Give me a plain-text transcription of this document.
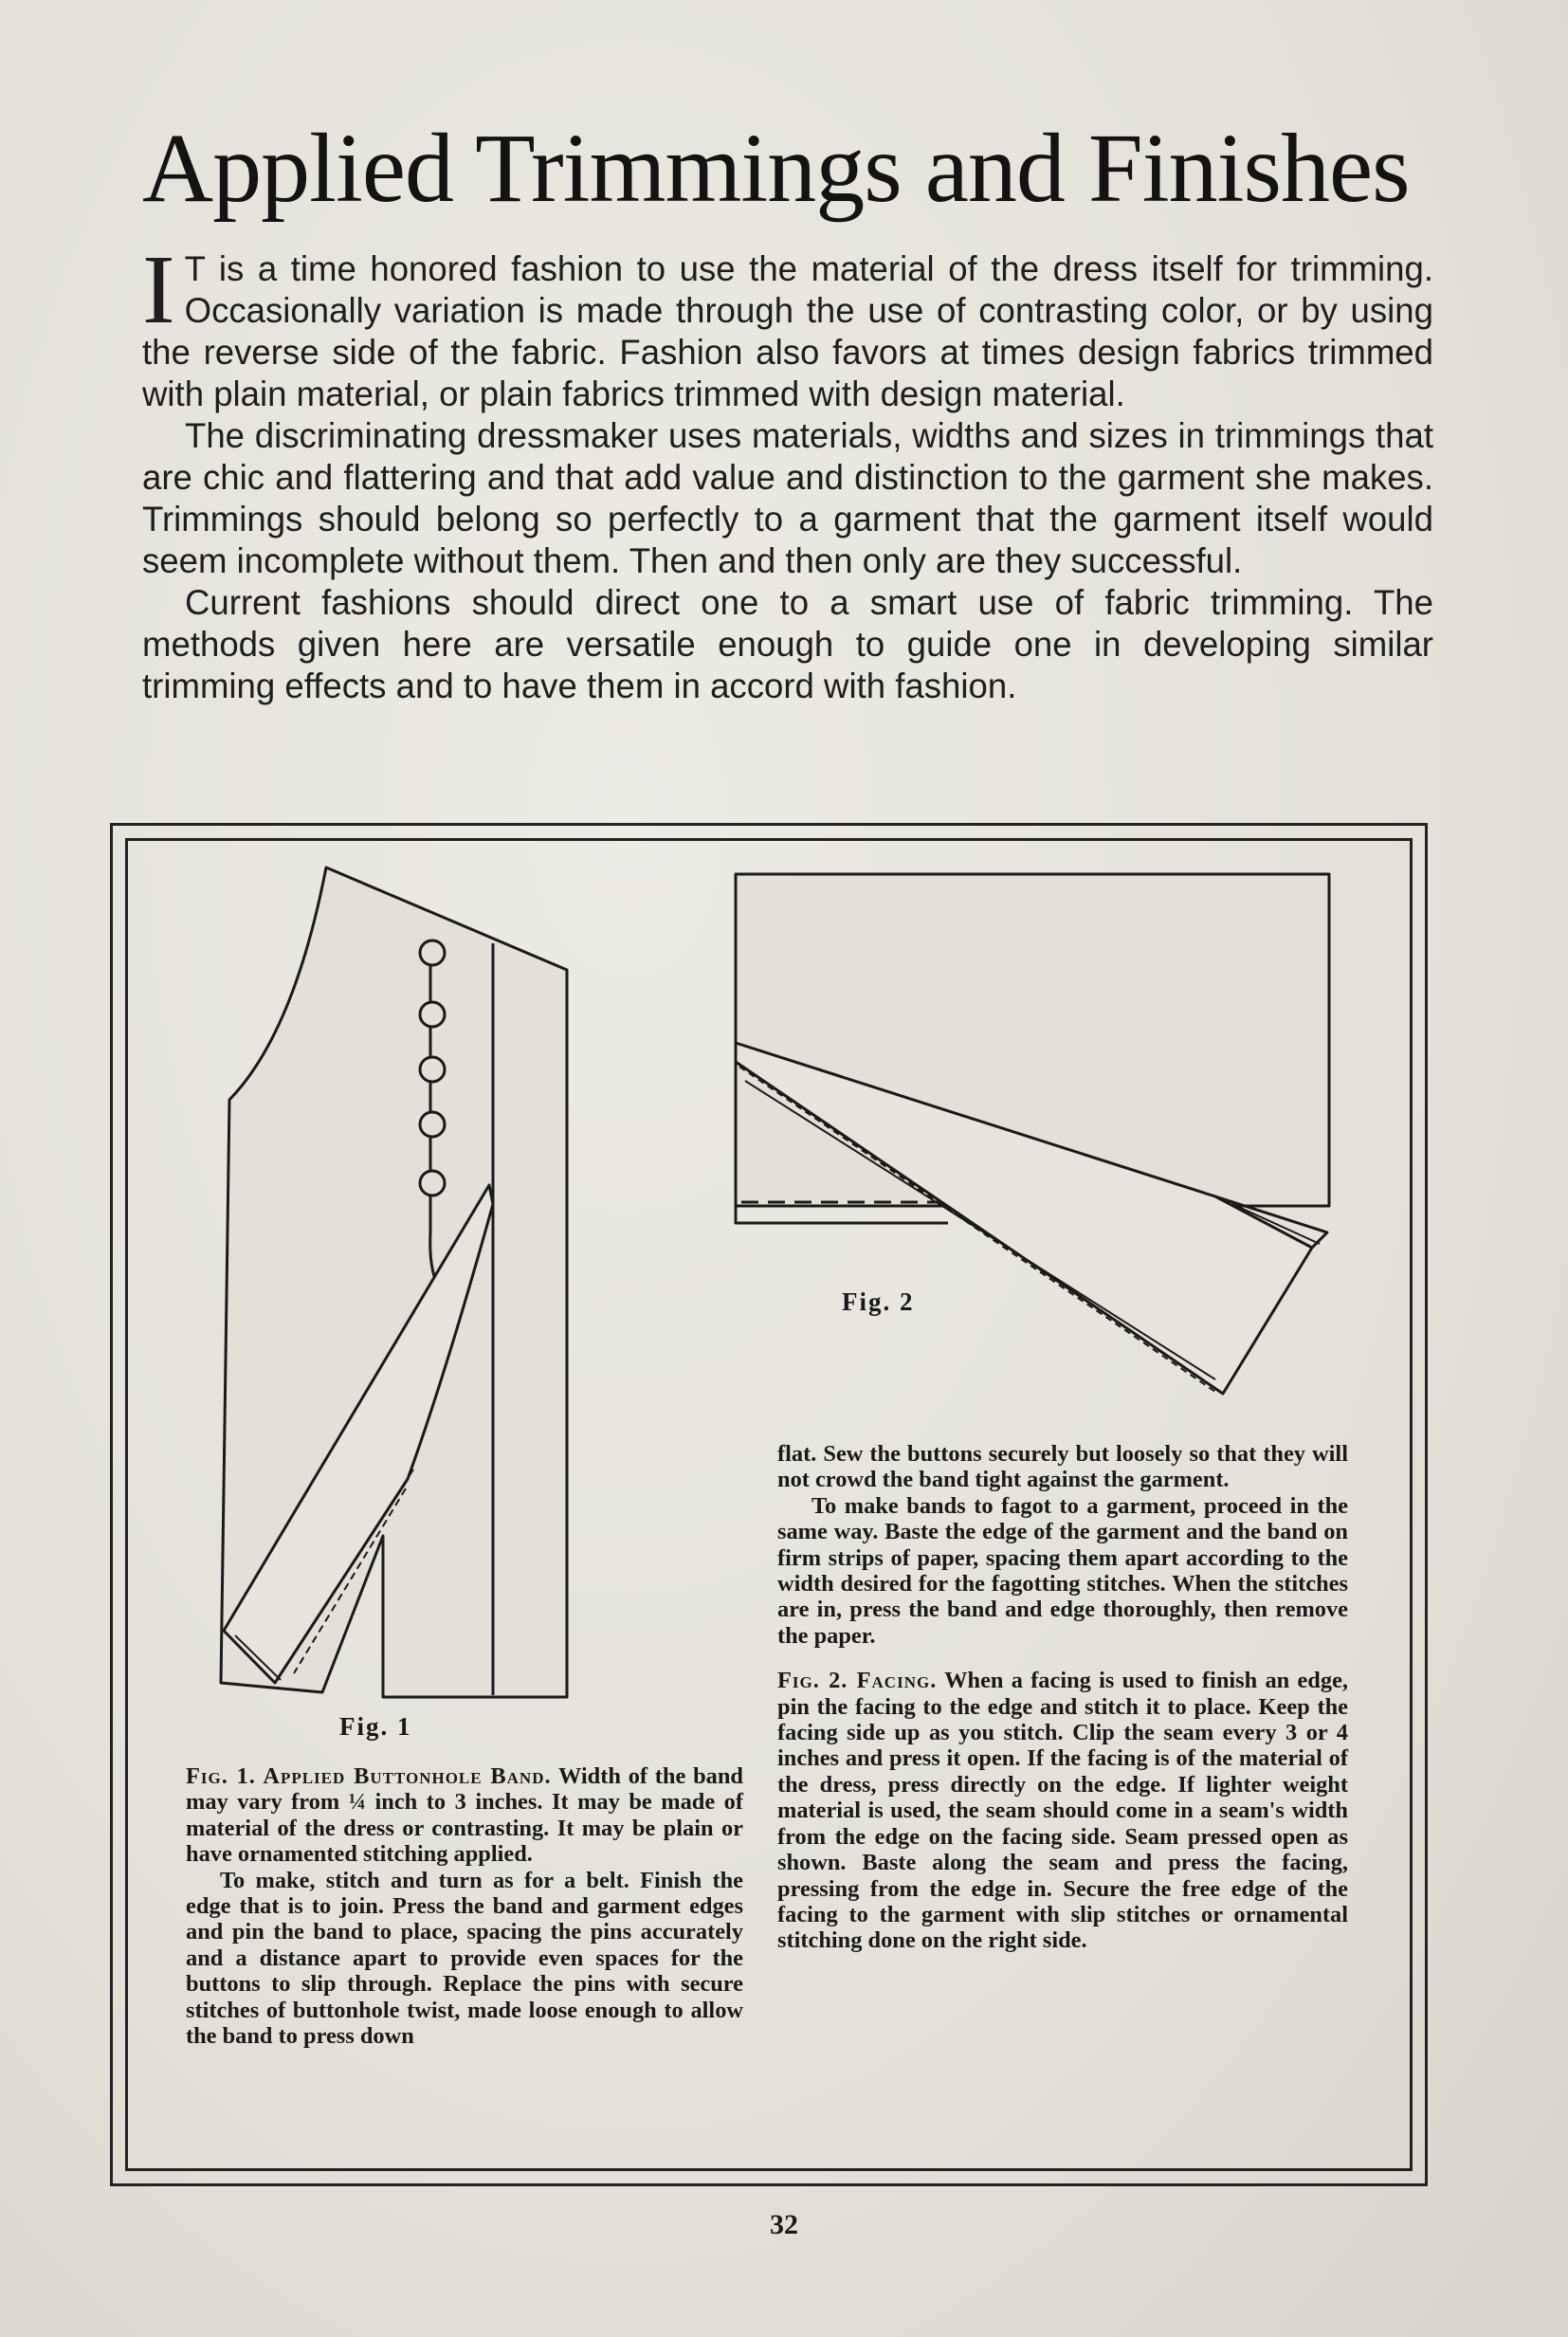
Applied Trimmings and Finishes

I T is a time honored fashion to use the material of the dress itself for trimming. Occasionally variation is made through the use of contrasting color, or by using the reverse side of the fabric. Fashion also favors at times design fabrics trimmed with plain material, or plain fabrics trimmed with design material.

The discriminating dressmaker uses materials, widths and sizes in trimmings that are chic and flattering and that add value and distinction to the garment she makes. Trimmings should belong so perfectly to a garment that the garment itself would seem incomplete without them. Then and then only are they successful.

Current fashions should direct one to a smart use of fabric trimming. The methods given here are versatile enough to guide one in developing similar trimming effects and to have them in accord with fashion.

Fig. 1
Fig. 2

flat. Sew the buttons securely but loosely so that they will not crowd the band tight against the garment.

To make bands to fagot to a garment, proceed in the same way. Baste the edge of the garment and the band on firm strips of paper, spacing them apart according to the width desired for the fagotting stitches. When the stitches are in, press the band and edge thoroughly, then remove the paper.

Fig. 2. Facing. When a facing is used to finish an edge, pin the facing to the edge and stitch it to place. Keep the facing side up as you stitch. Clip the seam every 3 or 4 inches and press it open. If the facing is of the material of the dress, press directly on the edge. If lighter weight material is used, the seam should come in a seam's width from the edge on the facing side. Seam pressed open as shown. Baste along the seam and press the facing, pressing from the edge in. Secure the free edge of the facing to the garment with slip stitches or ornamental stitching done on the right side.

Fig. 1. Applied Buttonhole Band. Width of the band may vary from ¼ inch to 3 inches. It may be made of material of the dress or contrasting. It may be plain or have ornamented stitching applied.

To make, stitch and turn as for a belt. Finish the edge that is to join. Press the band and garment edges and pin the band to place, spacing the pins accurately and a distance apart to provide even spaces for the buttons to slip through. Replace the pins with secure stitches of buttonhole twist, made loose enough to allow the band to press down

32
